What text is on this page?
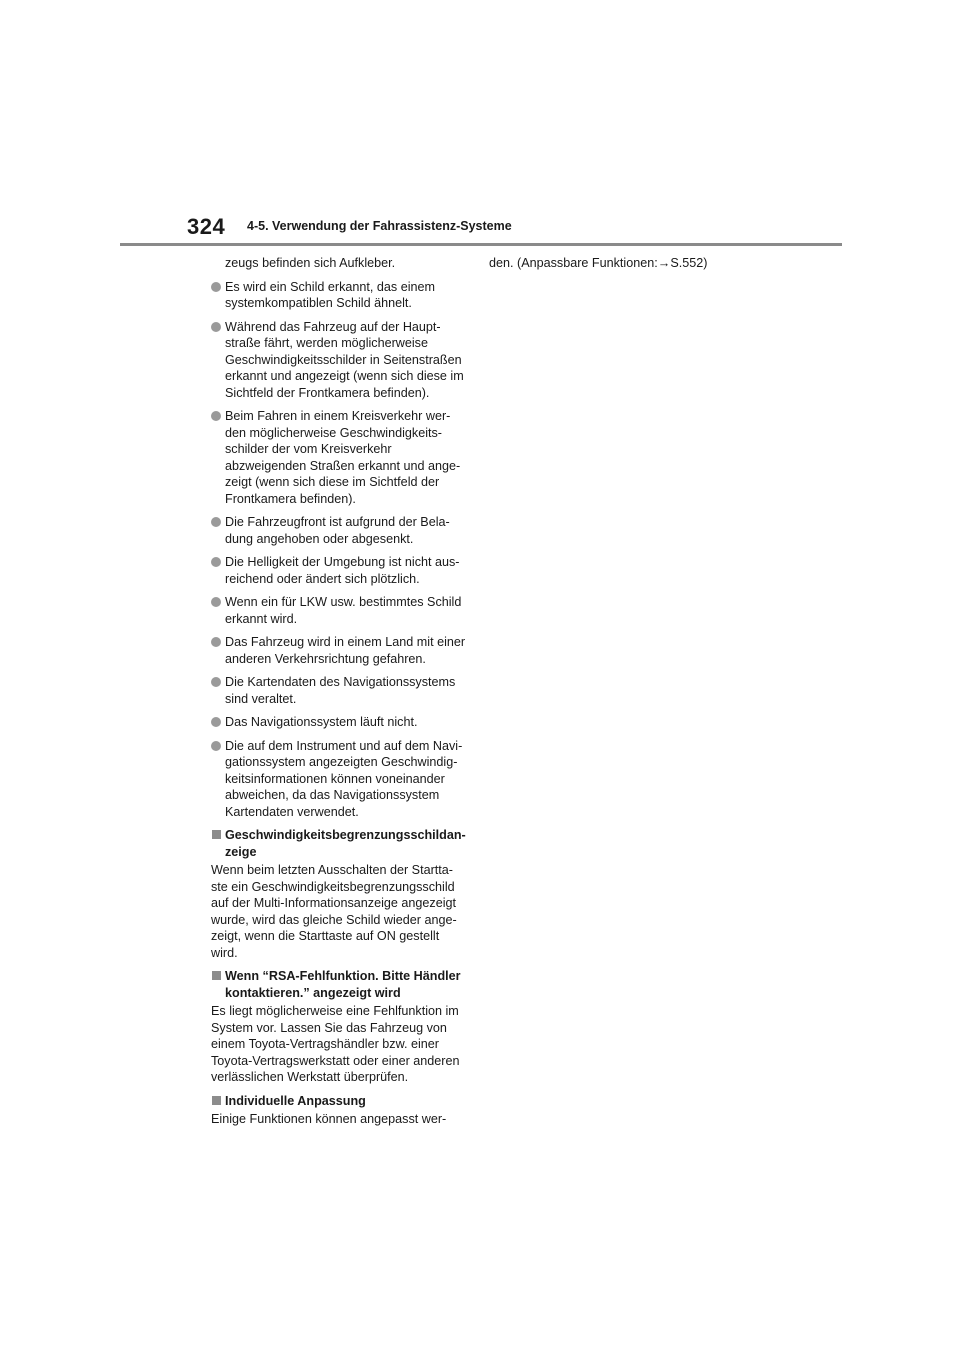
324 4-5. Verwendung der Fahrassistenz-Systeme

zeugs befinden sich Aufkleber.

Es wird ein Schild erkannt, das einem systemkompatiblen Schild ähnelt.
Während das Fahrzeug auf der Haupt-straße fährt, werden möglicherweise Geschwindigkeitsschilder in Seitenstraßen erkannt und angezeigt (wenn sich diese im Sichtfeld der Frontkamera befinden).
Beim Fahren in einem Kreisverkehr wer-den möglicherweise Geschwindigkeits-schilder der vom Kreisverkehr abzweigenden Straßen erkannt und ange-zeigt (wenn sich diese im Sichtfeld der Frontkamera befinden).
Die Fahrzeugfront ist aufgrund der Bela-dung angehoben oder abgesenkt.
Die Helligkeit der Umgebung ist nicht aus-reichend oder ändert sich plötzlich.
Wenn ein für LKW usw. bestimmtes Schild erkannt wird.
Das Fahrzeug wird in einem Land mit einer anderen Verkehrsrichtung gefahren.
Die Kartendaten des Navigationssystems sind veraltet.
Das Navigationssystem läuft nicht.
Die auf dem Instrument und auf dem Navi-gationssystem angezeigten Geschwindig-keitsinformationen können voneinander abweichen, da das Navigationssystem Kartendaten verwendet.
Geschwindigkeitsbegrenzungsschildan-zeige

Wenn beim letzten Ausschalten der Startta-ste ein Geschwindigkeitsbegrenzungsschild auf der Multi-Informationsanzeige angezeigt wurde, wird das gleiche Schild wieder ange-zeigt, wenn die Starttaste auf ON gestellt wird.

Wenn “RSA-Fehlfunktion. Bitte Händler kontaktieren.” angezeigt wird

Es liegt möglicherweise eine Fehlfunktion im System vor. Lassen Sie das Fahrzeug von einem Toyota-Vertragshändler bzw. einer Toyota-Vertragswerkstatt oder einer anderen verlässlichen Werkstatt überprüfen.

Individuelle Anpassung

Einige Funktionen können angepasst wer-

den. (Anpassbare Funktionen:→S.552)
